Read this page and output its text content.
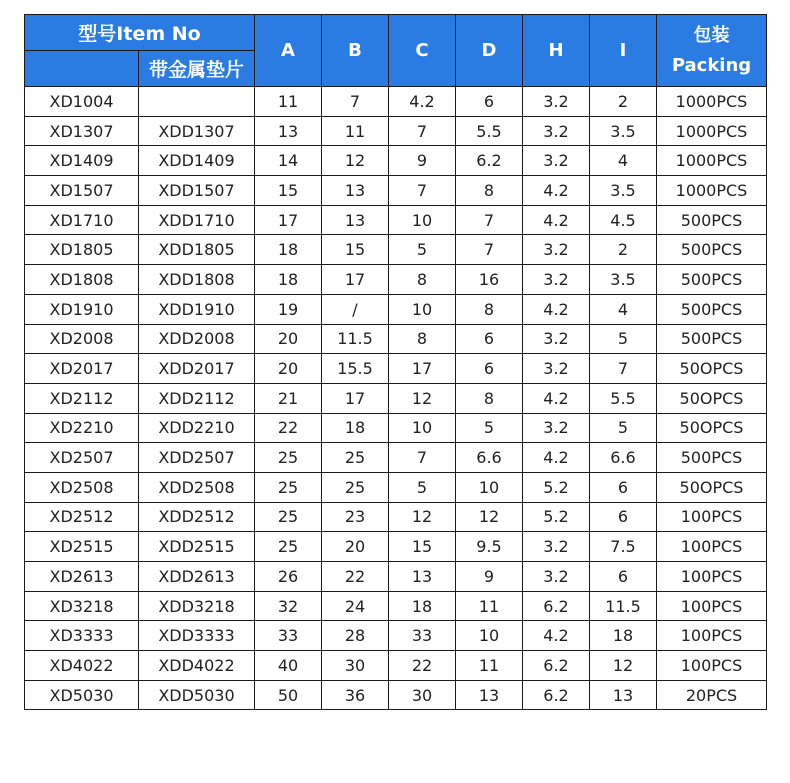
型号Item No		A	B	C	D	H	I	包装
Packing

	带金属垫片							
XD1004		11	7	4.2	6	3.2	2	1000PCS
XD1307	XDD1307	13	11	7	5.5	3.2	3.5	1000PCS
XD1409	XDD1409	14	12	9	6.2	3.2	4	1000PCS
XD1507	XDD1507	15	13	7	8	4.2	3.5	1000PCS
XD1710	XDD1710	17	13	10	7	4.2	4.5	500PCS
XD1805	XDD1805	18	15	5	7	3.2	2	500PCS
XD1808	XDD1808	18	17	8	16	3.2	3.5	500PCS
XD1910	XDD1910	19	/	10	8	4.2	4	500PCS
XD2008	XDD2008	20	11.5	8	6	3.2	5	500PCS
XD2017	XDD2017	20	15.5	17	6	3.2	7	50OPCS
XD2112	XDD2112	21	17	12	8	4.2	5.5	50OPCS
XD2210	XDD2210	22	18	10	5	3.2	5	50OPCS
XD2507	XDD2507	25	25	7	6.6	4.2	6.6	500PCS
XD2508	XDD2508	25	25	5	10	5.2	6	50OPCS
XD2512	XDD2512	25	23	12	12	5.2	6	100PCS
XD2515	XDD2515	25	20	15	9.5	3.2	7.5	100PCS
XD2613	XDD2613	26	22	13	9	3.2	6	100PCS
XD3218	XDD3218	32	24	18	11	6.2	11.5	100PCS
XD3333	XDD3333	33	28	33	10	4.2	18	100PCS
XD4022	XDD4022	40	30	22	11	6.2	12	100PCS
XD5030	XDD5030	50	36	30	13	6.2	13	20PCS
